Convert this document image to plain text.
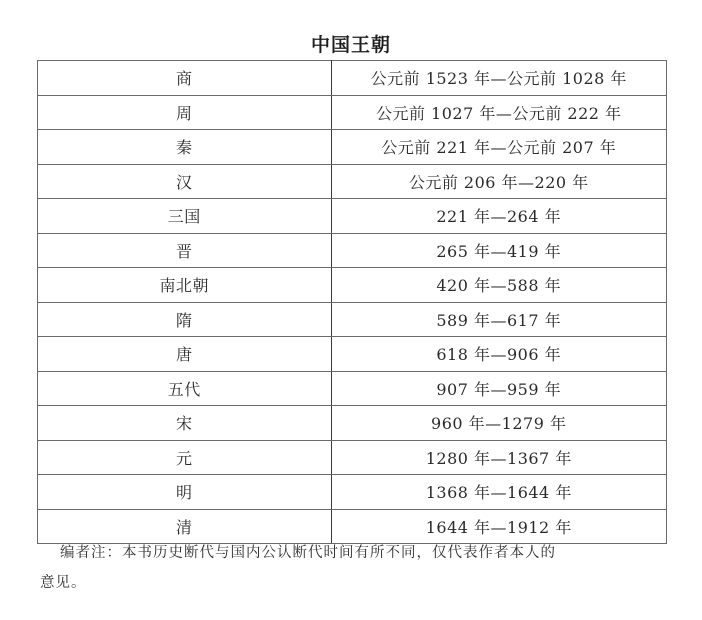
中国王朝
商	公元前 1523 年—公元前 1028 年
周	公元前 1027 年—公元前 222 年
秦	公元前 221 年—公元前 207 年
汉	公元前 206 年—220 年
三国	221 年—264 年
晋	265 年—419 年
南北朝	420 年—588 年
隋	589 年—617 年
唐	618 年—906 年
五代	907 年—959 年
宋	960 年—1279 年
元	1280 年—1367 年
明	1368 年—1644 年
清	1644 年—1912 年
编者注：本书历史断代与国内公认断代时间有所不同，仅代表作者本人的
意见。
